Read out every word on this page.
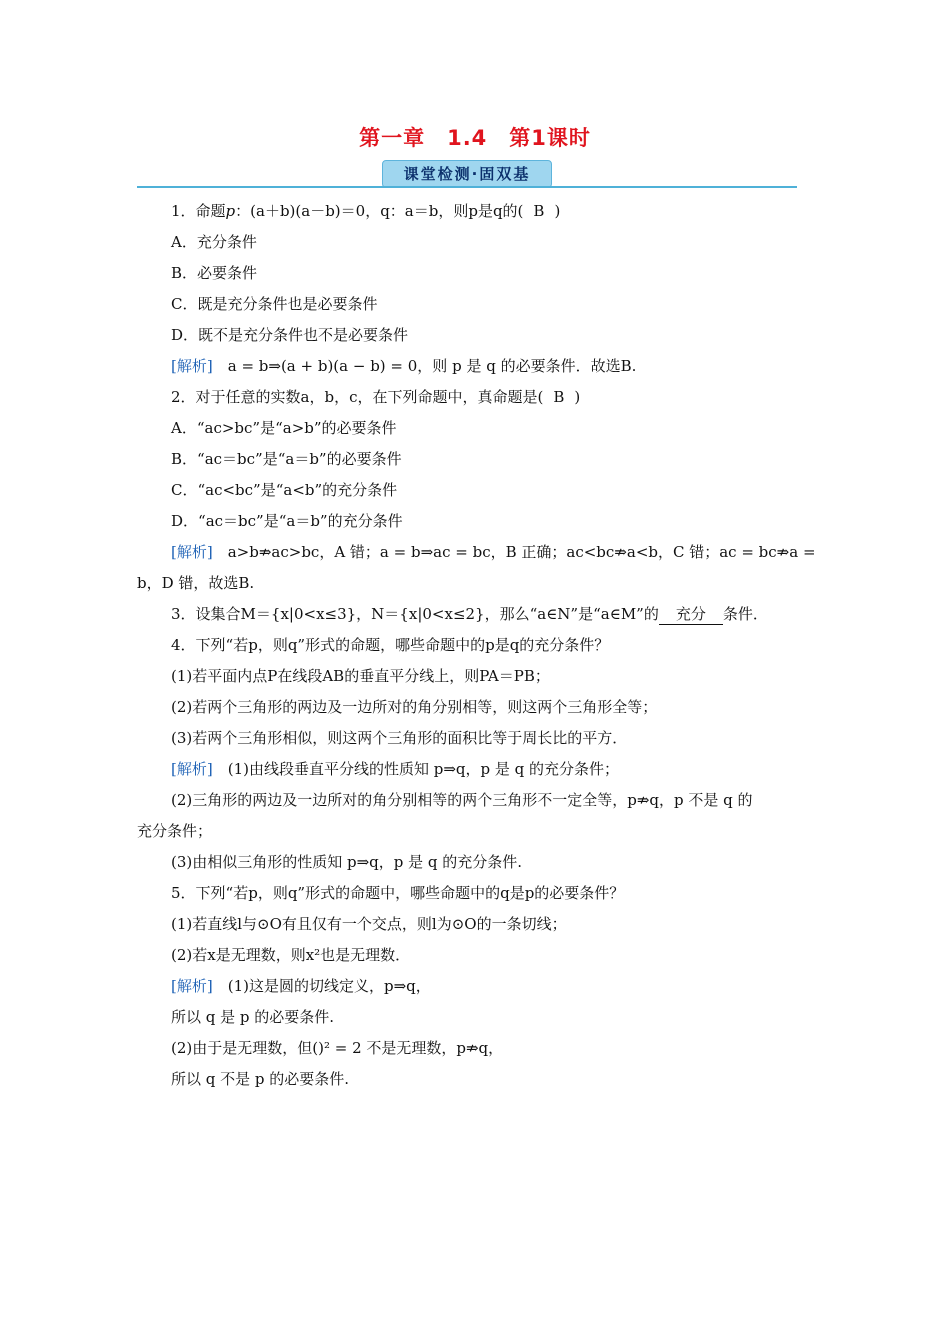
第一章　1.4　第1课时
课堂检测·固双基
1．命题p：(a＋b)(a－b)＝0，q：a＝b，则p是q的( B )
A．充分条件
B．必要条件
C．既是充分条件也是必要条件
D．既不是充分条件也不是必要条件
[解析]　 a = b⇒(a + b)(a − b) = 0，则 p 是 q 的必要条件．故选B.
2．对于任意的实数a，b，c，在下列命题中，真命题是( B )
A．“ac>bc”是“a>b”的必要条件
B．“ac＝bc”是“a＝b”的必要条件
C．“ac<bc”是“a<b”的充分条件
D．“ac＝bc”是“a＝b”的充分条件
[解析]　 a>b⇏ac>bc，A 错；a = b⇒ac = bc，B 正确；ac<bc⇏a<b，C 错；ac = bc⇏a =
b，D 错，故选B.
3．设集合M＝{x|0<x≤3}，N＝{x|0<x≤2}，那么“a∈N”是“a∈M”的 充分 条件．
4．下列“若p，则q”形式的命题，哪些命题中的p是q的充分条件？
(1)若平面内点P在线段AB的垂直平分线上，则PA＝PB；
(2)若两个三角形的两边及一边所对的角分别相等，则这两个三角形全等；
(3)若两个三角形相似，则这两个三角形的面积比等于周长比的平方．
[解析]　 (1)由线段垂直平分线的性质知 p⇒q，p 是 q 的充分条件；
(2)三角形的两边及一边所对的角分别相等的两个三角形不一定全等，p⇏q，p 不是 q 的
充分条件；
(3)由相似三角形的性质知 p⇒q，p 是 q 的充分条件.
5．下列“若p，则q”形式的命题中，哪些命题中的q是p的必要条件？
(1)若直线l与⊙O有且仅有一个交点，则l为⊙O的一条切线；
(2)若x是无理数，则x²也是无理数．
[解析]　 (1)这是圆的切线定义，p⇒q，
所以 q 是 p 的必要条件.
(2)由于是无理数，但()² = 2 不是无理数，p⇏q，
所以 q 不是 p 的必要条件.
